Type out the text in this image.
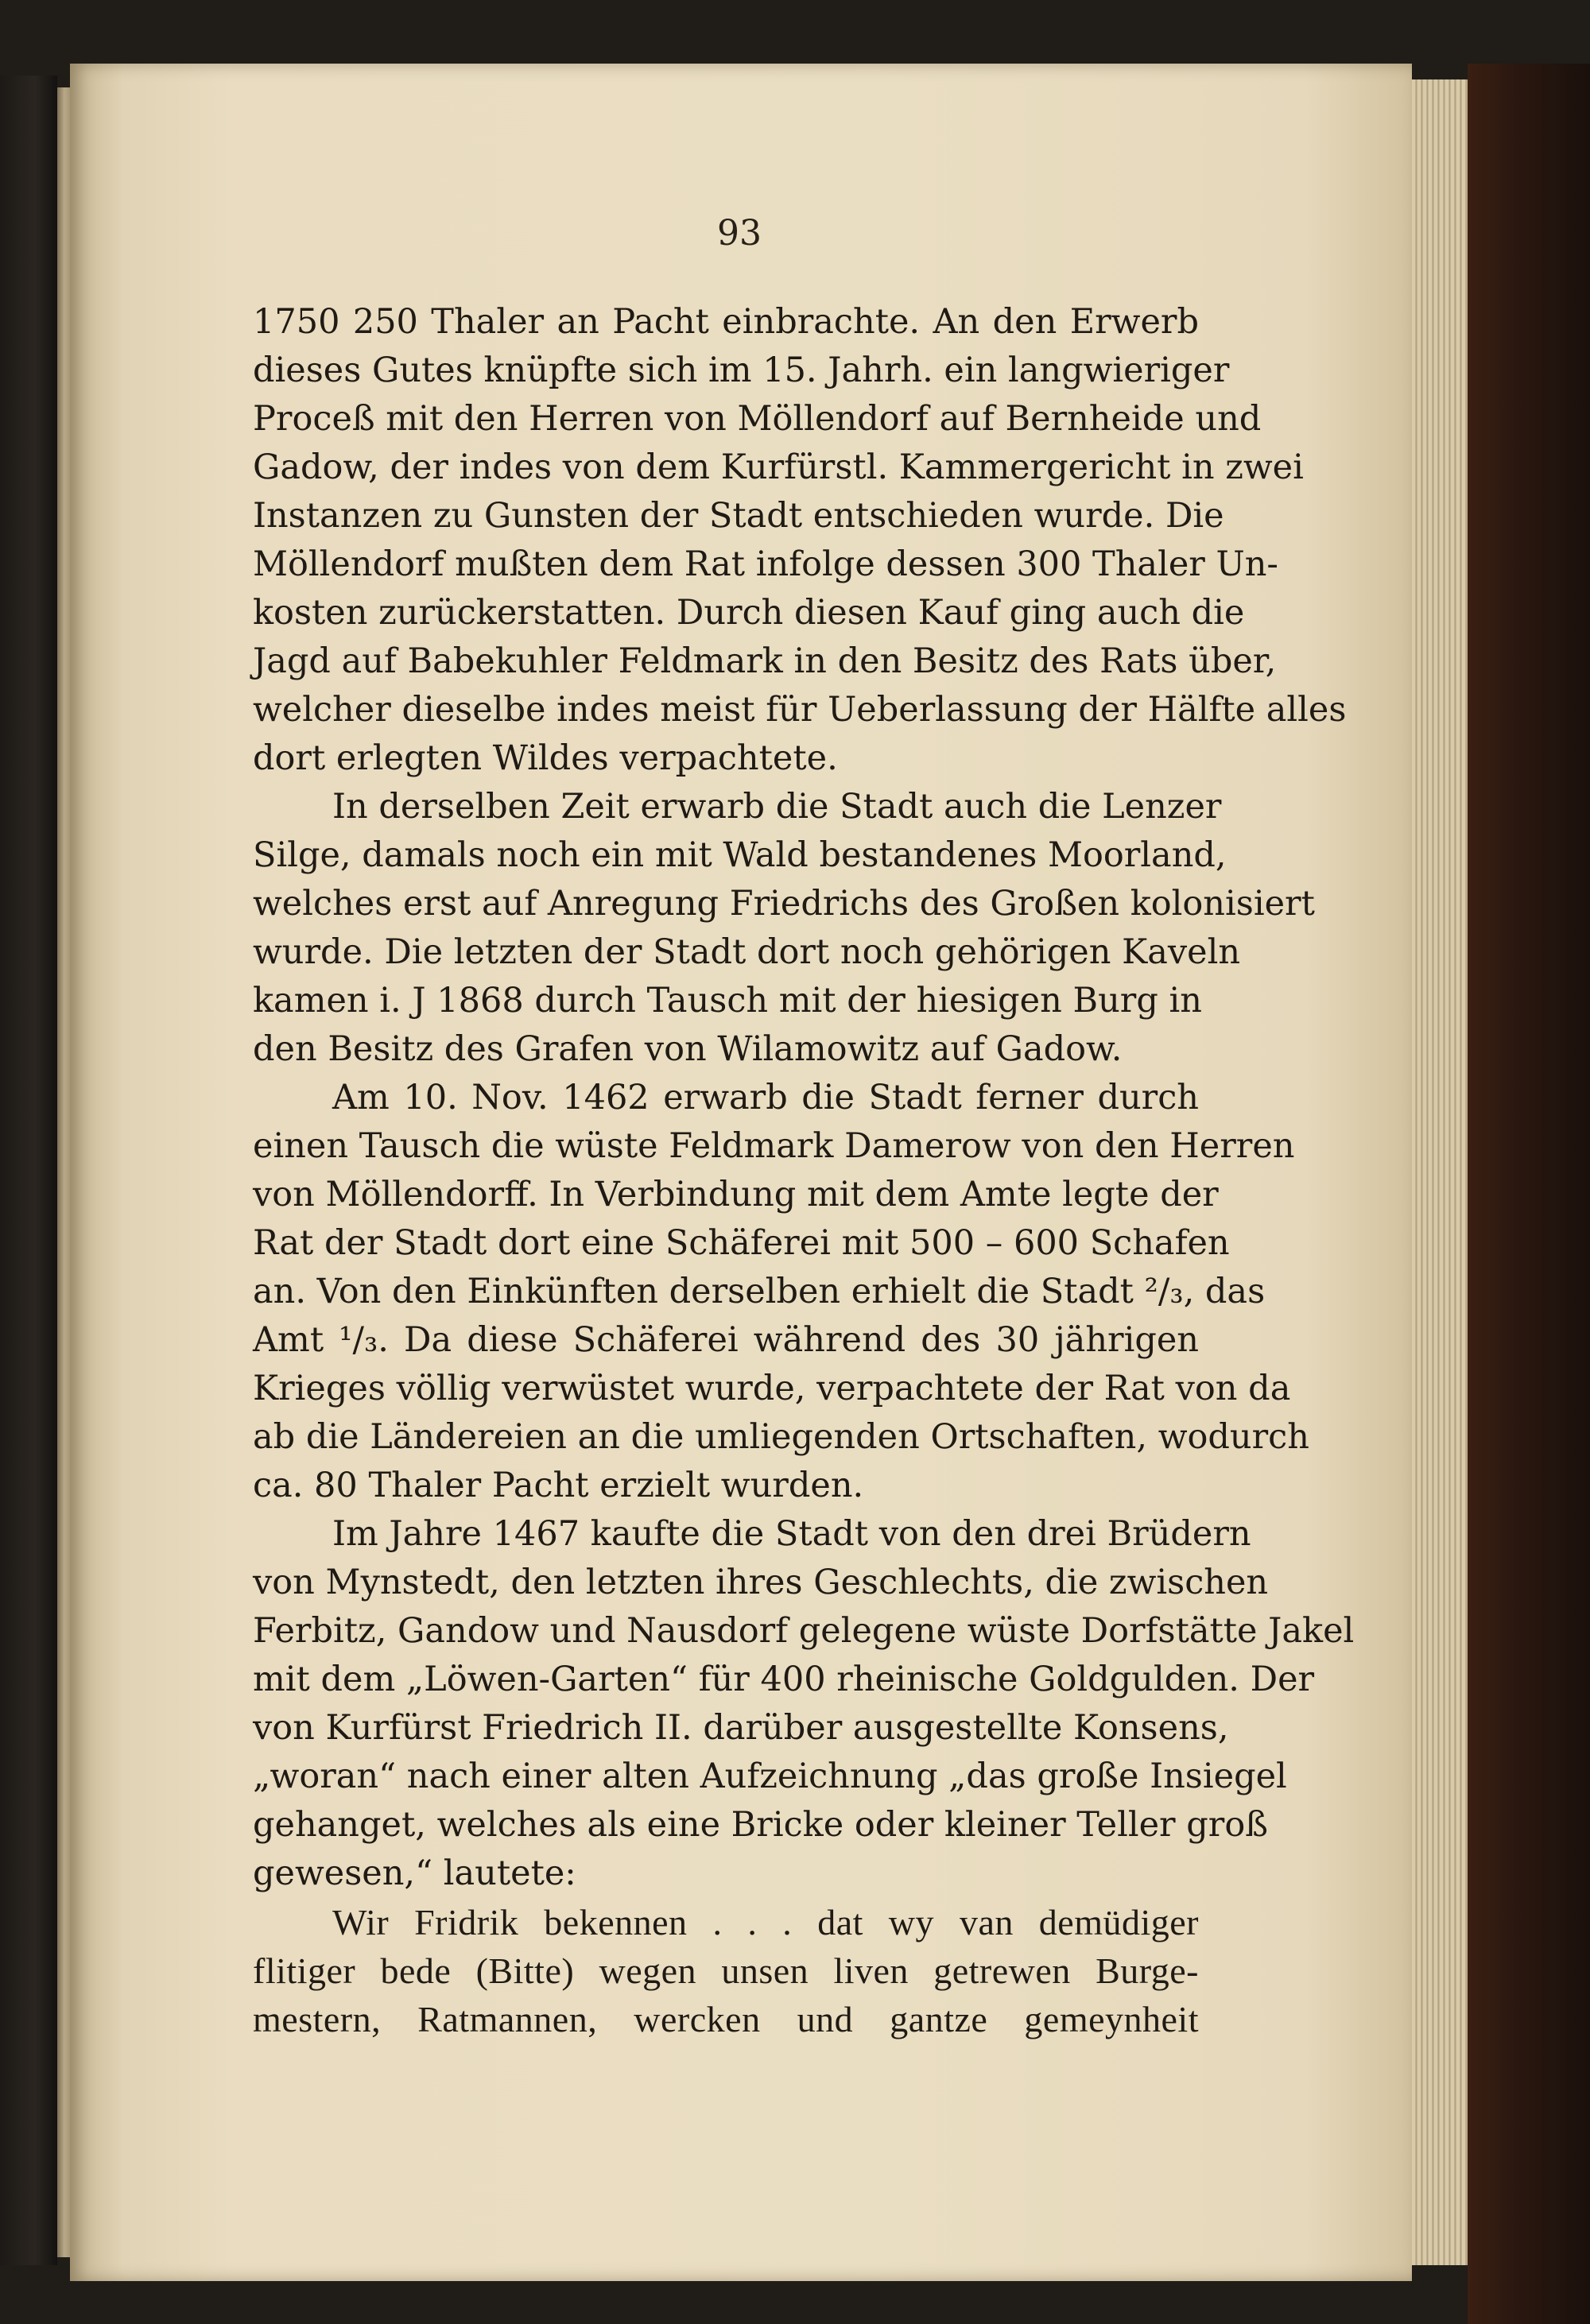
93
1750 250 Thaler an Pacht einbrachte. An den Erwerb
dieses Gutes knüpfte sich im 15. Jahrh. ein langwieriger
Proceß mit den Herren von Möllendorf auf Bernheide und
Gadow, der indes von dem Kurfürstl. Kammergericht in zwei
Instanzen zu Gunsten der Stadt entschieden wurde. Die
Möllendorf mußten dem Rat infolge dessen 300 Thaler Un-
kosten zurückerstatten. Durch diesen Kauf ging auch die
Jagd auf Babekuhler Feldmark in den Besitz des Rats über,
welcher dieselbe indes meist für Ueberlassung der Hälfte alles
dort erlegten Wildes verpachtete.
In derselben Zeit erwarb die Stadt auch die Lenzer
Silge, damals noch ein mit Wald bestandenes Moorland,
welches erst auf Anregung Friedrichs des Großen kolonisiert
wurde. Die letzten der Stadt dort noch gehörigen Kaveln
kamen i. J 1868 durch Tausch mit der hiesigen Burg in
den Besitz des Grafen von Wilamowitz auf Gadow.
Am 10. Nov. 1462 erwarb die Stadt ferner durch
einen Tausch die wüste Feldmark Damerow von den Herren
von Möllendorff. In Verbindung mit dem Amte legte der
Rat der Stadt dort eine Schäferei mit 500 – 600 Schafen
an. Von den Einkünften derselben erhielt die Stadt ²/₃, das
Amt ¹/₃. Da diese Schäferei während des 30 jährigen
Krieges völlig verwüstet wurde, verpachtete der Rat von da
ab die Ländereien an die umliegenden Ortschaften, wodurch
ca. 80 Thaler Pacht erzielt wurden.
Im Jahre 1467 kaufte die Stadt von den drei Brüdern
von Mynstedt, den letzten ihres Geschlechts, die zwischen
Ferbitz, Gandow und Nausdorf gelegene wüste Dorfstätte Jakel
mit dem „Löwen-Garten“ für 400 rheinische Goldgulden. Der
von Kurfürst Friedrich II. darüber ausgestellte Konsens,
„woran“ nach einer alten Aufzeichnung „das große Insiegel
gehanget, welches als eine Bricke oder kleiner Teller groß
gewesen,“ lautete:
Wir Fridrik bekennen . . . dat wy van demüdiger
flitiger bede (Bitte) wegen unsen liven getrewen Burge-
mestern, Ratmannen, wercken und gantze gemeynheit
